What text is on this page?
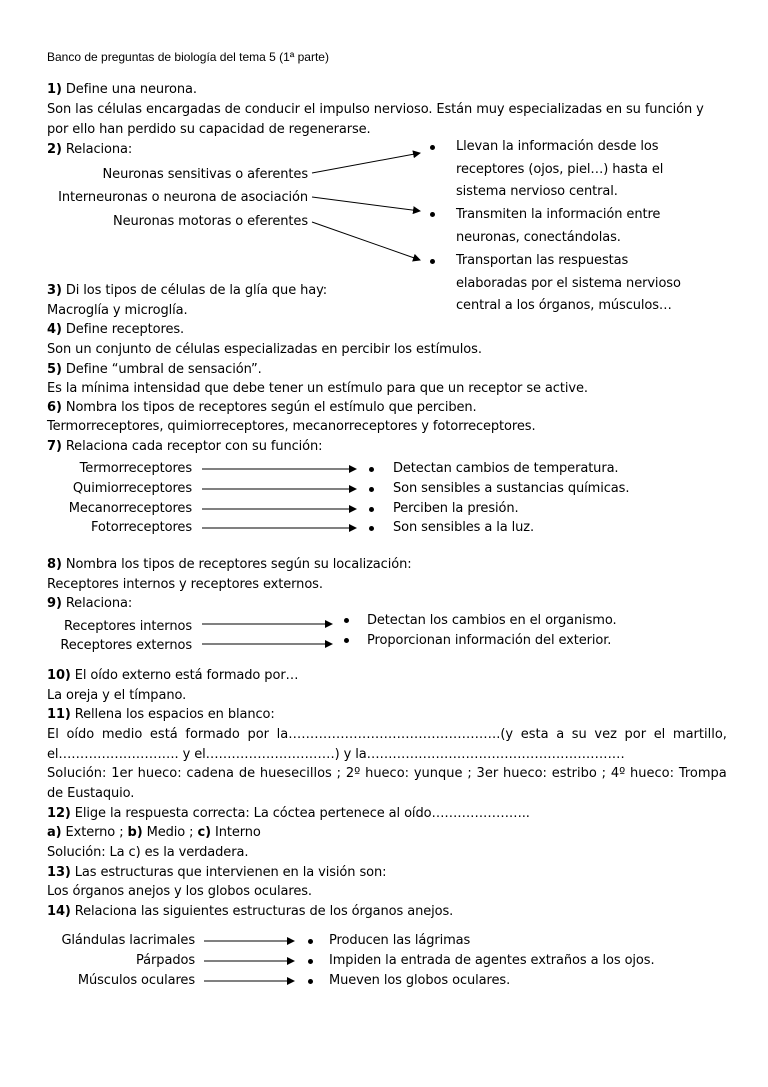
Banco de preguntas de biología del tema 5 (1ª parte)
1) Define una neurona.
Son las células encargadas de conducir el impulso nervioso. Están muy especializadas en su función y
por ello han perdido su capacidad de regenerarse.
2) Relaciona:
Neuronas sensitivas o aferentes
Interneuronas o neurona de asociación
Neuronas motoras o eferentes
Llevan la información desde los
receptores (ojos, piel…) hasta el
sistema nervioso central.
Transmiten la información entre
neuronas, conectándolas.
Transportan las respuestas
elaboradas por el sistema nervioso
central a los órganos, músculos…
3) Di los tipos de células de la glía que hay:
Macroglía y microglía.
4) Define receptores.
Son un conjunto de células especializadas en percibir los estímulos.
5) Define “umbral de sensación”.
Es la mínima intensidad que debe tener un estímulo para que un receptor se active.
6) Nombra los tipos de receptores según el estímulo que perciben.
Termorreceptores, quimiorreceptores, mecanorreceptores y fotorreceptores.
7) Relaciona cada receptor con su función:
Termorreceptores
Quimiorreceptores
Mecanorreceptores
Fotorreceptores
Detectan cambios de temperatura.
Son sensibles a sustancias químicas.
Perciben la presión.
Son sensibles a la luz.
8) Nombra los tipos de receptores según su localización:
Receptores internos y receptores externos.
9) Relaciona:
Receptores internos
Receptores externos
Detectan los cambios en el organismo.
Proporcionan información del exterior.
10) El oído externo está formado por…
La oreja y el tímpano.
11) Rellena los espacios en blanco:
El oído medio está formado por la………………………………………….(y esta a su vez por el martillo,
el………………………. y el…………………………) y la……………………………………………………
Solución: 1er hueco: cadena de huesecillos ; 2º hueco: yunque ; 3er hueco: estribo ; 4º hueco: Trompa
de Eustaquio.
12) Elige la respuesta correcta: La cóctea pertenece al oído…………………..
a) Externo ; b) Medio ; c) Interno
Solución: La c) es la verdadera.
13) Las estructuras que intervienen en la visión son:
Los órganos anejos y los globos oculares.
14) Relaciona las siguientes estructuras de los órganos anejos.
Glándulas lacrimales
Párpados
Músculos oculares
Producen las lágrimas
Impiden la entrada de agentes extraños a los ojos.
Mueven los globos oculares.
